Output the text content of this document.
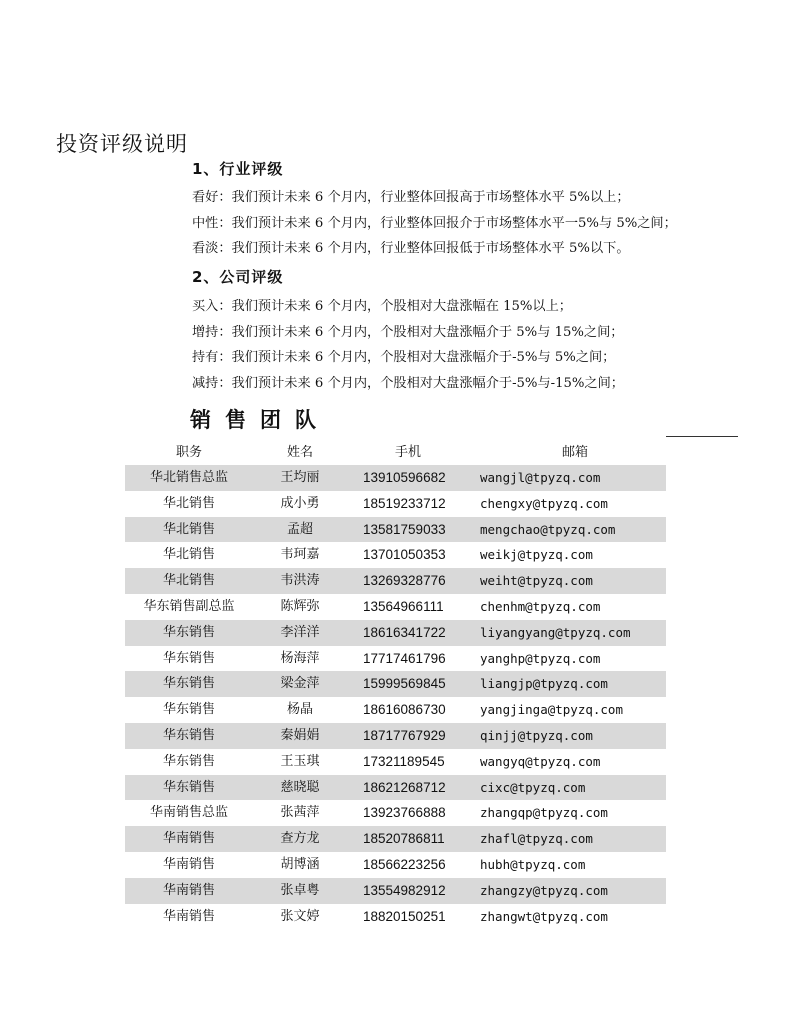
投资评级说明
1、行业评级
看好：我们预计未来 6 个月内，行业整体回报高于市场整体水平 5%以上；
中性：我们预计未来 6 个月内，行业整体回报介于市场整体水平一5%与 5%之间；
看淡：我们预计未来 6 个月内，行业整体回报低于市场整体水平 5%以下。
2、公司评级
买入：我们预计未来 6 个月内，个股相对大盘涨幅在 15%以上；
增持：我们预计未来 6 个月内，个股相对大盘涨幅介于 5%与 15%之间；
持有：我们预计未来 6 个月内，个股相对大盘涨幅介于-5%与 5%之间；
减持：我们预计未来 6 个月内，个股相对大盘涨幅介于-5%与-15%之间；
销售团队
职务	姓名	手机	邮箱
华北销售总监	王均丽	13910596682	wangjl@tpyzq.com
华北销售	成小勇	18519233712	chengxy@tpyzq.com
华北销售	孟超	13581759033	mengchao@tpyzq.com
华北销售	韦珂嘉	13701050353	weikj@tpyzq.com
华北销售	韦洪涛	13269328776	weiht@tpyzq.com
华东销售副总监	陈辉弥	13564966111	chenhm@tpyzq.com
华东销售	李洋洋	18616341722	liyangyang@tpyzq.com
华东销售	杨海萍	17717461796	yanghp@tpyzq.com
华东销售	梁金萍	15999569845	liangjp@tpyzq.com
华东销售	杨晶	18616086730	yangjinga@tpyzq.com
华东销售	秦娟娟	18717767929	qinjj@tpyzq.com
华东销售	王玉琪	17321189545	wangyq@tpyzq.com
华东销售	慈晓聪	18621268712	cixc@tpyzq.com
华南销售总监	张茜萍	13923766888	zhangqp@tpyzq.com
华南销售	查方龙	18520786811	zhafl@tpyzq.com
华南销售	胡博涵	18566223256	hubh@tpyzq.com
华南销售	张卓粤	13554982912	zhangzy@tpyzq.com
华南销售	张文婷	18820150251	zhangwt@tpyzq.com
